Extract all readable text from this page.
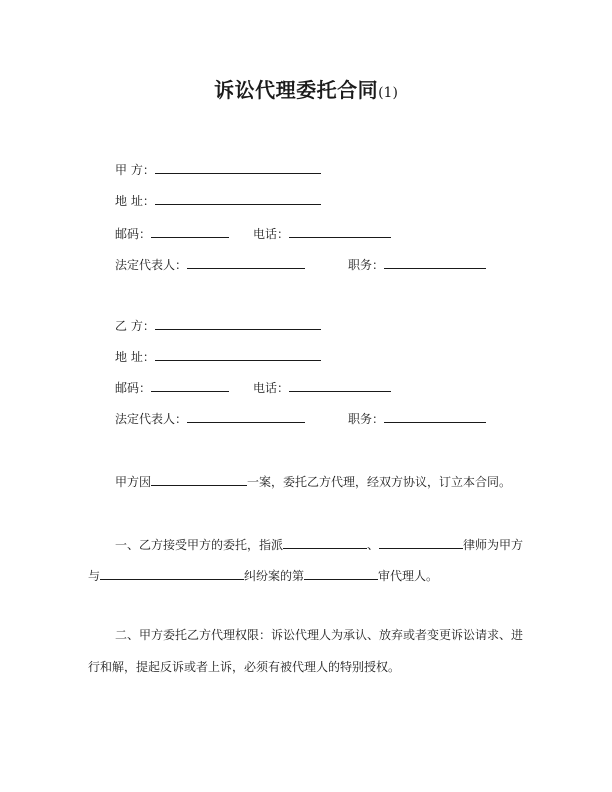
诉讼代理委托合同(1)
甲 方：
地 址：
邮码：	电话：
法定代表人：	职务：
乙 方：
地 址：
邮码：	电话：
法定代表人：	职务：
甲方因	一案，委托乙方代理，经双方协议，订立本合同。
一、乙方接受甲方的委托，指派	、	律师为甲方
与	纠纷案的第	审代理人。
二、甲方委托乙方代理权限：诉讼代理人为承认、放弃或者变更诉讼请求、进
行和解，提起反诉或者上诉，必须有被代理人的特别授权。
